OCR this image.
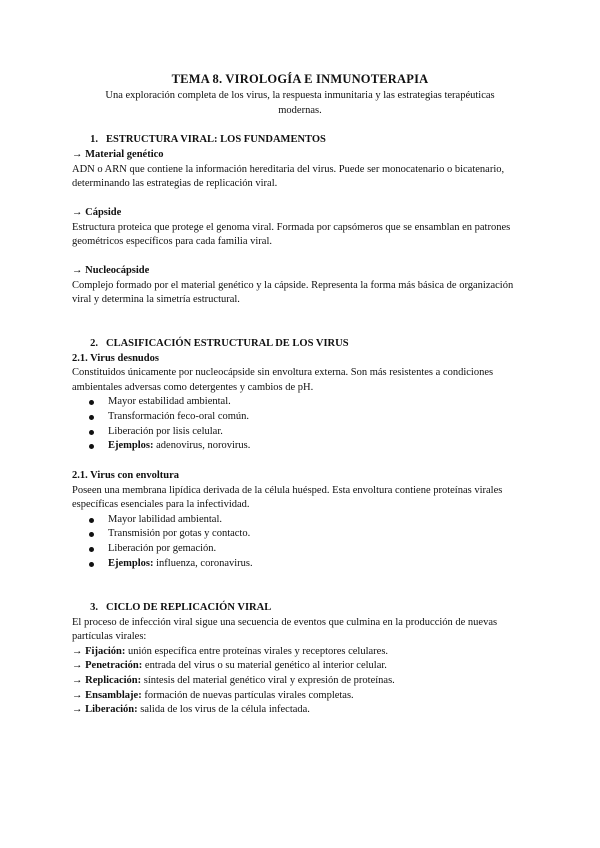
TEMA 8. VIROLOGÍA E INMUNOTERAPIA
Una exploración completa de los virus, la respuesta inmunitaria y las estrategias terapéuticas modernas.
1. ESTRUCTURA VIRAL: LOS FUNDAMENTOS
→ Material genético

ADN o ARN que contiene la información hereditaria del virus. Puede ser monocatenario o bicatenario, determinando las estrategias de replicación viral.

→ Cápside

Estructura proteica que protege el genoma viral. Formada por capsómeros que se ensamblan en patrones geométricos específicos para cada familia viral.

→ Nucleocápside

Complejo formado por el material genético y la cápside. Representa la forma más básica de organización viral y determina la simetría estructural.

2. CLASIFICACIÓN ESTRUCTURAL DE LOS VIRUS
2.1. Virus desnudos

Constituidos únicamente por nucleocápside sin envoltura externa. Son más resistentes a condiciones ambientales adversas como detergentes y cambios de pH.

Mayor estabilidad ambiental.
Transformación feco-oral común.
Liberación por lisis celular.
Ejemplos: adenovirus, norovirus.
2.1. Virus con envoltura

Poseen una membrana lipídica derivada de la célula huésped. Esta envoltura contiene proteínas virales específicas esenciales para la infectividad.

Mayor labilidad ambiental.
Transmisión por gotas y contacto.
Liberación por gemación.
Ejemplos: influenza, coronavirus.
3. CICLO DE REPLICACIÓN VIRAL

El proceso de infección viral sigue una secuencia de eventos que culmina en la producción de nuevas partículas virales:

→ Fijación: unión específica entre proteínas virales y receptores celulares.

→ Penetración: entrada del virus o su material genético al interior celular.

→ Replicación: síntesis del material genético viral y expresión de proteínas.

→ Ensamblaje: formación de nuevas partículas virales completas.

→ Liberación: salida de los virus de la célula infectada.
